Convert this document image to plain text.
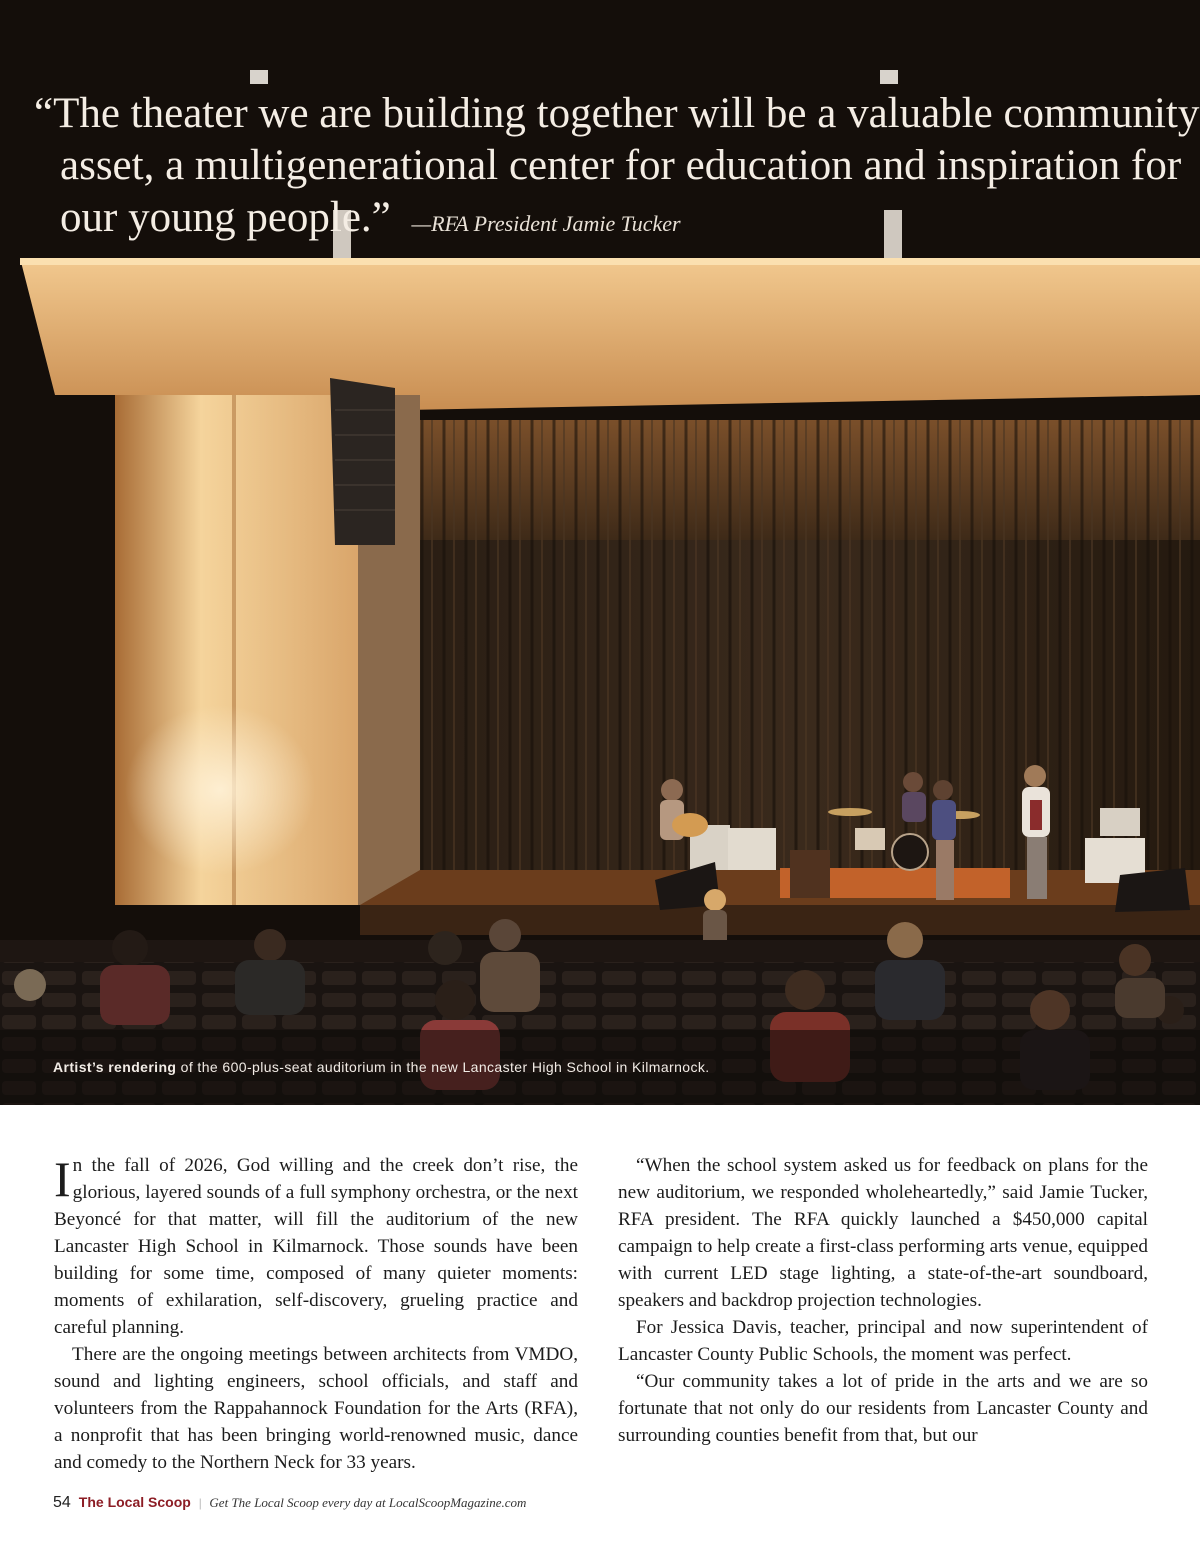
“The theater we are building together will be a valuable community asset, a multigenerational center for education and inspiration for our young people.” —RFA President Jamie Tucker

Artist’s rendering of the 600-plus-seat auditorium in the new Lancaster High School in Kilmarnock.

In the fall of 2026, God willing and the creek don’t rise, the glorious, layered sounds of a full symphony orchestra, or the next Beyoncé for that matter, will fill the auditorium of the new Lancaster High School in Kilmarnock. Those sounds have been building for some time, composed of many quieter moments: moments of exhilaration, self-discovery, grueling practice and careful planning.

There are the ongoing meetings between architects from VMDO, sound and lighting engineers, school officials, and staff and volunteers from the Rappahannock Foundation for the Arts (RFA), a nonprofit that has been bringing world-renowned music, dance and comedy to the Northern Neck for 33 years.

“When the school system asked us for feedback on plans for the new auditorium, we responded wholeheartedly,” said Jamie Tucker, RFA president. The RFA quickly launched a $450,000 capital campaign to help create a first-class performing arts venue, equipped with current LED stage lighting, a state-of-the-art soundboard, speakers and backdrop projection technologies.

For Jessica Davis, teacher, principal and now superintendent of Lancaster County Public Schools, the moment was perfect.

“Our community takes a lot of pride in the arts and we are so fortunate that not only do our residents from Lancaster County and surrounding counties benefit from that, but our

54 The Local Scoop | Get The Local Scoop every day at LocalScoopMagazine.com
